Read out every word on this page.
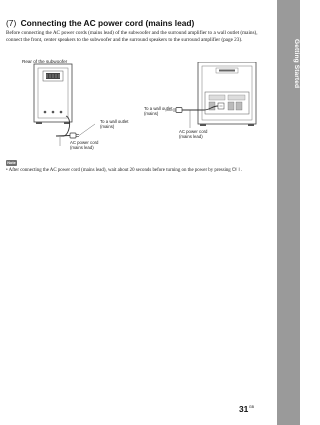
Getting Started
(7) Connecting the AC power cord (mains lead)

Before connecting the AC power cords (mains lead) of the subwoofer and the surround amplifier to a wall outlet (mains), connect the front, center speakers to the subwoofer and the surround speakers to the surround amplifier (page 23).

Rear of the subwoofer
To a wall outlet
(mains)
AC power cord
(mains lead)
To a wall outlet
(mains)
AC power cord
(mains lead)
Note

• After connecting the AC power cord (mains lead), wait about 20 seconds before turning on the power by pressing ⏻/⏽.

$31^{GB}$
